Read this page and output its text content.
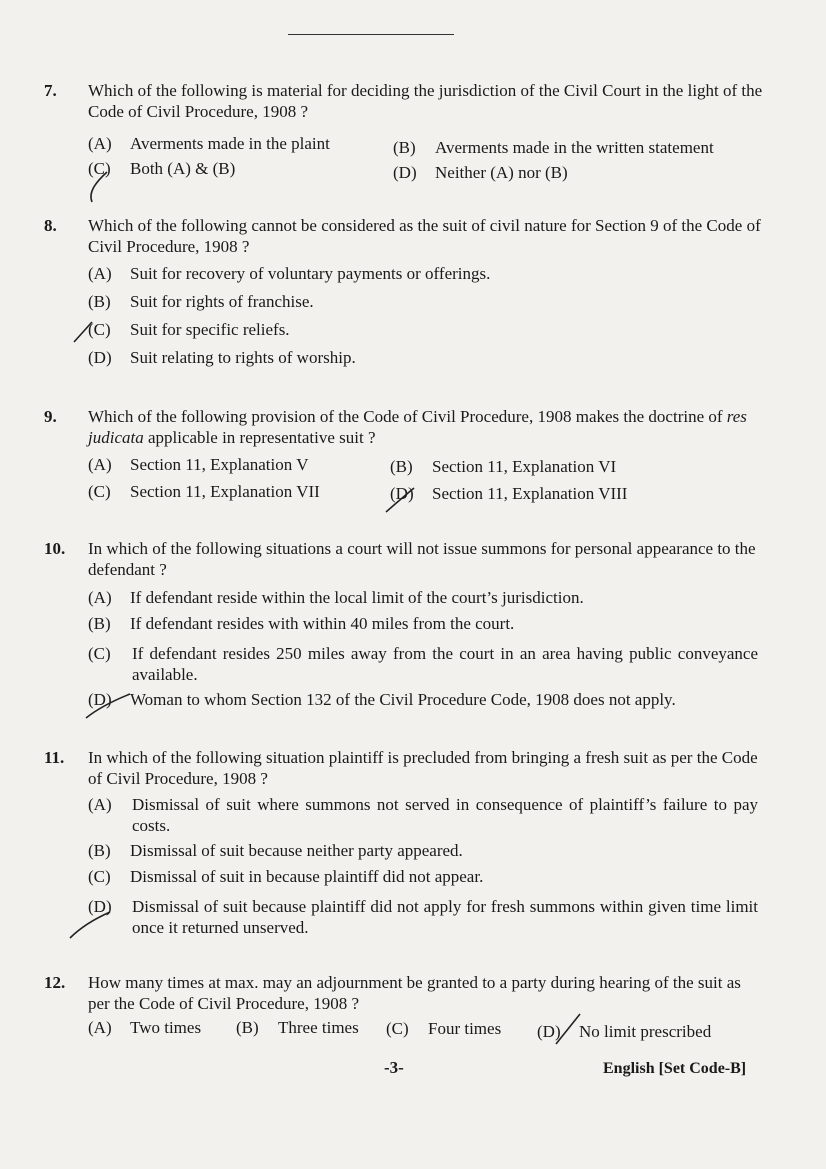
7. Which of the following is material for deciding the jurisdiction of the Civil Court in the light of the Code of Civil Procedure, 1908 ?
(A) Averments made in the plaint	(B) Averments made in the written statement
(C) Both (A) & (B)	(D) Neither (A) nor (B)
8. Which of the following cannot be considered as the suit of civil nature for Section 9 of the Code of Civil Procedure, 1908 ?
(A) Suit for recovery of voluntary payments or offerings.
(B) Suit for rights of franchise.
(C) Suit for specific reliefs.
(D) Suit relating to rights of worship.
9. Which of the following provision of the Code of Civil Procedure, 1908 makes the doctrine of res judicata applicable in representative suit ?
(A) Section 11, Explanation V	(B) Section 11, Explanation VI
(C) Section 11, Explanation VII	(D) Section 11, Explanation VIII
10. In which of the following situations a court will not issue summons for personal appearance to the defendant ?
(A) If defendant reside within the local limit of the court’s jurisdiction.
(B) If defendant resides with within 40 miles from the court.
(C) If defendant resides 250 miles away from the court in an area having public conveyance available.
(D) Woman to whom Section 132 of the Civil Procedure Code, 1908 does not apply.
11. In which of the following situation plaintiff is precluded from bringing a fresh suit as per the Code of Civil Procedure, 1908 ?
(A) Dismissal of suit where summons not served in consequence of plaintiff’s failure to pay costs.
(B) Dismissal of suit because neither party appeared.
(C) Dismissal of suit in because plaintiff did not appear.
(D) Dismissal of suit because plaintiff did not apply for fresh summons within given time limit once it returned unserved.
12. How many times at max. may an adjournment be granted to a party during hearing of the suit as per the Code of Civil Procedure, 1908 ?
(A) Two times (B) Three times (C) Four times (D) No limit prescribed
-3-	English [Set Code-B]
